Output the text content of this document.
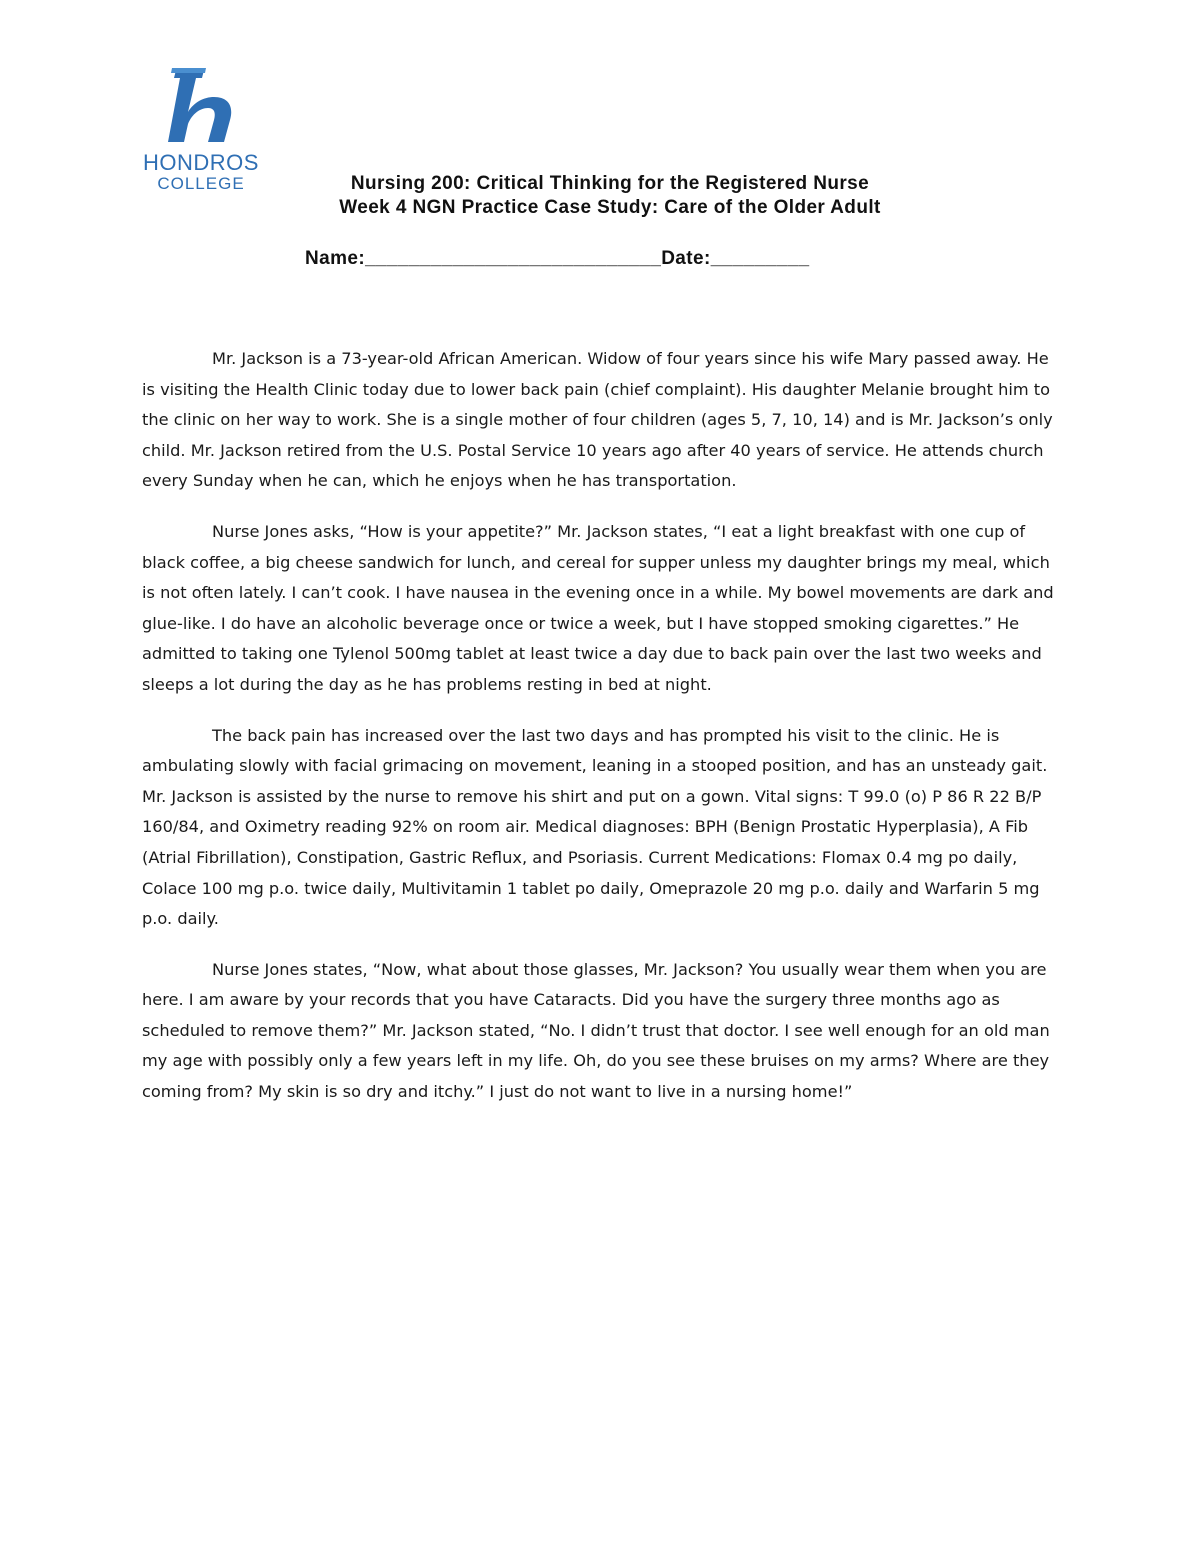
HONDROS
COLLEGE	Nursing 200: Critical Thinking for the Registered Nurse
Week 4 NGN Practice Case Study: Care of the Older Adult
Name:___________________________Date:_________

Mr. Jackson is a 73-year-old African American. Widow of four years since his wife Mary passed away. He is visiting the Health Clinic today due to lower back pain (chief complaint). His daughter Melanie brought him to the clinic on her way to work. She is a single mother of four children (ages 5, 7, 10, 14) and is Mr. Jackson’s only child. Mr. Jackson retired from the U.S. Postal Service 10 years ago after 40 years of service. He attends church every Sunday when he can, which he enjoys when he has transportation.

Nurse Jones asks, “How is your appetite?” Mr. Jackson states, “I eat a light breakfast with one cup of black coffee, a big cheese sandwich for lunch, and cereal for supper unless my daughter brings my meal, which is not often lately. I can’t cook. I have nausea in the evening once in a while. My bowel movements are dark and glue-like. I do have an alcoholic beverage once or twice a week, but I have stopped smoking cigarettes.” He admitted to taking one Tylenol 500mg tablet at least twice a day due to back pain over the last two weeks and sleeps a lot during the day as he has problems resting in bed at night.

The back pain has increased over the last two days and has prompted his visit to the clinic. He is ambulating slowly with facial grimacing on movement, leaning in a stooped position, and has an unsteady gait. Mr. Jackson is assisted by the nurse to remove his shirt and put on a gown. Vital signs: T 99.0 (o) P 86 R 22 B/P 160/84, and Oximetry reading 92% on room air. Medical diagnoses: BPH (Benign Prostatic Hyperplasia), A Fib (Atrial Fibrillation), Constipation, Gastric Reflux, and Psoriasis. Current Medications: Flomax 0.4 mg po daily, Colace 100 mg p.o. twice daily, Multivitamin 1 tablet po daily, Omeprazole 20 mg p.o. daily and Warfarin 5 mg p.o. daily.

Nurse Jones states, “Now, what about those glasses, Mr. Jackson? You usually wear them when you are here. I am aware by your records that you have Cataracts. Did you have the surgery three months ago as scheduled to remove them?” Mr. Jackson stated, “No. I didn’t trust that doctor. I see well enough for an old man my age with possibly only a few years left in my life. Oh, do you see these bruises on my arms? Where are they coming from? My skin is so dry and itchy.” I just do not want to live in a nursing home!”
